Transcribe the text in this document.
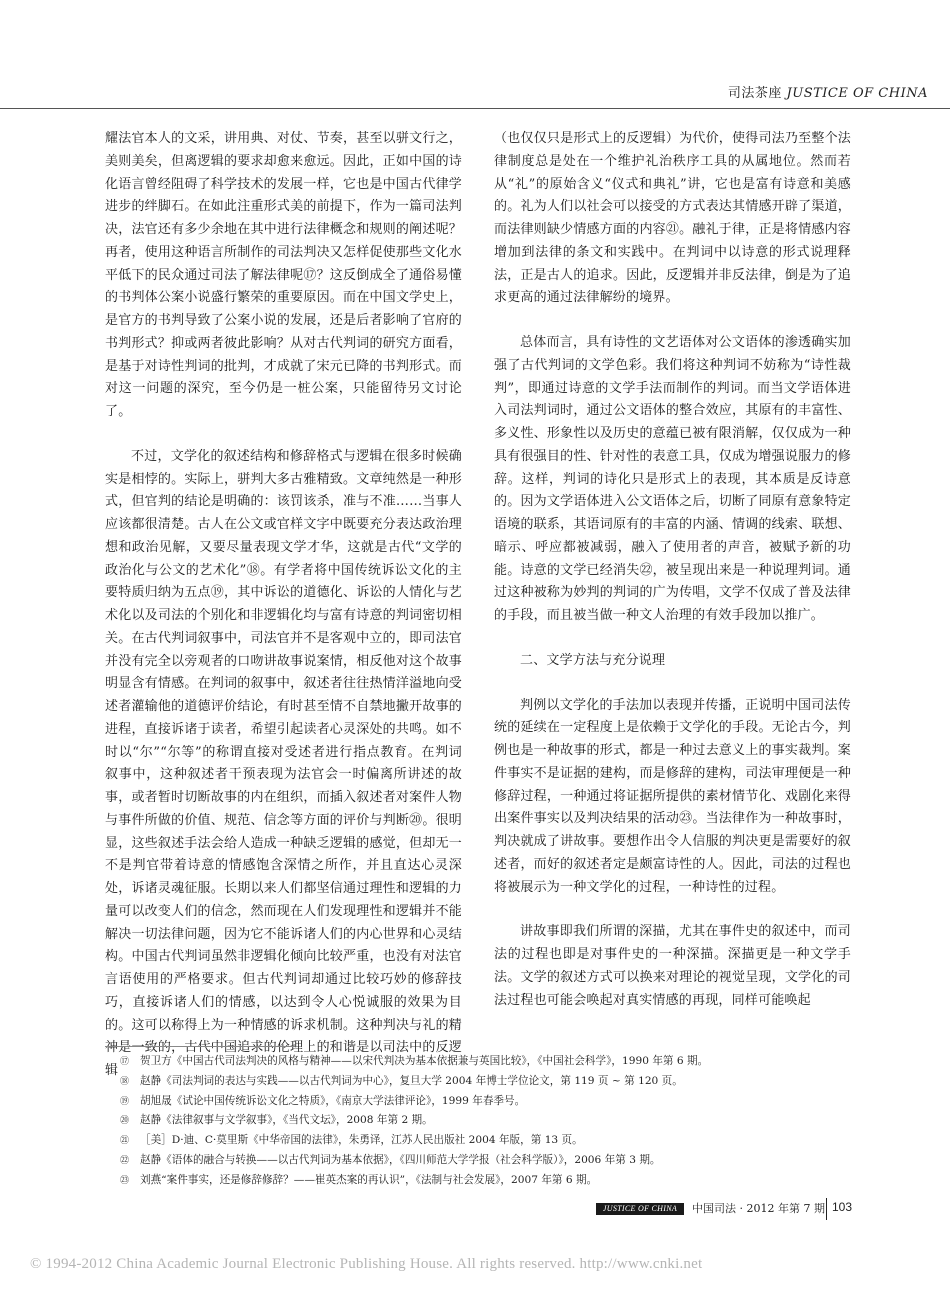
司法茶座 JUSTICE OF CHINA

耀法官本人的文采，讲用典、对仗、节奏，甚至以骈文行之，美则美矣，但离逻辑的要求却愈来愈远。因此，正如中国的诗化语言曾经阻碍了科学技术的发展一样，它也是中国古代律学进步的绊脚石。在如此注重形式美的前提下，作为一篇司法判决，法官还有多少余地在其中进行法律概念和规则的阐述呢？再者，使用这种语言所制作的司法判决又怎样促使那些文化水平低下的民众通过司法了解法律呢⑰？这反倒成全了通俗易懂的书判体公案小说盛行繁荣的重要原因。而在中国文学史上，是官方的书判导致了公案小说的发展，还是后者影响了官府的书判形式？抑或两者彼此影响？从对古代判词的研究方面看，是基于对诗性判词的批判，才成就了宋元已降的书判形式。而对这一问题的深究，至今仍是一桩公案，只能留待另文讨论了。

不过，文学化的叙述结构和修辞格式与逻辑在很多时候确实是相悖的。实际上，骈判大多古雅精致。文章纯然是一种形式，但官判的结论是明确的：该罚该杀，准与不准……当事人应该都很清楚。古人在公文或官样文字中既要充分表达政治理想和政治见解，又要尽量表现文学才华，这就是古代“文学的政治化与公文的艺术化”⑱。有学者将中国传统诉讼文化的主要特质归纳为五点⑲，其中诉讼的道德化、诉讼的人情化与艺术化以及司法的个别化和非逻辑化均与富有诗意的判词密切相关。在古代判词叙事中，司法官并不是客观中立的，即司法官并没有完全以旁观者的口吻讲故事说案情，相反他对这个故事明显含有情感。在判词的叙事中，叙述者往往热情洋溢地向受述者灌输他的道德评价结论，有时甚至情不自禁地撇开故事的进程，直接诉诸于读者，希望引起读者心灵深处的共鸣。如不时以“尔”“尔等”的称谓直接对受述者进行指点教育。在判词叙事中，这种叙述者干预表现为法官会一时偏离所讲述的故事，或者暂时切断故事的内在组织，而插入叙述者对案件人物与事件所做的价值、规范、信念等方面的评价与判断⑳。很明显，这些叙述手法会给人造成一种缺乏逻辑的感觉，但却无一不是判官带着诗意的情感饱含深情之所作，并且直达心灵深处，诉诸灵魂征服。长期以来人们都坚信通过理性和逻辑的力量可以改变人们的信念，然而现在人们发现理性和逻辑并不能解决一切法律问题，因为它不能诉诸人们的内心世界和心灵结构。中国古代判词虽然非逻辑化倾向比较严重，也没有对法官言语使用的严格要求。但古代判词却通过比较巧妙的修辞技巧，直接诉诸人们的情感，以达到令人心悦诚服的效果为目的。这可以称得上为一种情感的诉求机制。这种判决与礼的精神是一致的，古代中国追求的伦理上的和谐是以司法中的反逻辑

（也仅仅只是形式上的反逻辑）为代价，使得司法乃至整个法律制度总是处在一个维护礼治秩序工具的从属地位。然而若从“礼”的原始含义“仪式和典礼”讲，它也是富有诗意和美感的。礼为人们以社会可以接受的方式表达其情感开辟了渠道，而法律则缺少情感方面的内容㉑。融礼于律，正是将情感内容增加到法律的条文和实践中。在判词中以诗意的形式说理释法，正是古人的追求。因此，反逻辑并非反法律，倒是为了追求更高的通过法律解纷的境界。

总体而言，具有诗性的文艺语体对公文语体的渗透确实加强了古代判词的文学色彩。我们将这种判词不妨称为“诗性裁判”，即通过诗意的文学手法而制作的判词。而当文学语体进入司法判词时，通过公文语体的整合效应，其原有的丰富性、多义性、形象性以及历史的意蕴已被有限消解，仅仅成为一种具有很强目的性、针对性的表意工具，仅成为增强说服力的修辞。这样，判词的诗化只是形式上的表现，其本质是反诗意的。因为文学语体进入公文语体之后，切断了同原有意象特定语境的联系，其语词原有的丰富的内涵、情调的线索、联想、暗示、呼应都被减弱，融入了使用者的声音，被赋予新的功能。诗意的文学已经消失㉒，被呈现出来是一种说理判词。通过这种被称为妙判的判词的广为传唱，文学不仅成了普及法律的手段，而且被当做一种文人治理的有效手段加以推广。

二、文学方法与充分说理

判例以文学化的手法加以表现并传播，正说明中国司法传统的延续在一定程度上是依赖于文学化的手段。无论古今，判例也是一种故事的形式，都是一种过去意义上的事实裁判。案件事实不是证据的建构，而是修辞的建构，司法审理便是一种修辞过程，一种通过将证据所提供的素材情节化、戏剧化来得出案件事实以及判决结果的活动㉓。当法律作为一种故事时，判决就成了讲故事。要想作出令人信服的判决更是需要好的叙述者，而好的叙述者定是颇富诗性的人。因此，司法的过程也将被展示为一种文学化的过程，一种诗性的过程。

讲故事即我们所谓的深描，尤其在事件史的叙述中，而司法的过程也即是对事件史的一种深描。深描更是一种文学手法。文学的叙述方式可以换来对理论的视觉呈现，文学化的司法过程也可能会唤起对真实情感的再现，同样可能唤起

⑰ 贺卫方《中国古代司法判决的风格与精神——以宋代判决为基本依据兼与英国比较》，《中国社会科学》，1990 年第 6 期。
⑱ 赵静《司法判词的表达与实践——以古代判词为中心》，复旦大学 2004 年博士学位论文，第 119 页 ~ 第 120 页。
⑲ 胡旭晟《试论中国传统诉讼文化之特质》，《南京大学法律评论》，1999 年春季号。
⑳ 赵静《法律叙事与文学叙事》，《当代文坛》，2008 年第 2 期。
㉑ ［美］D·迪、C·莫里斯《中华帝国的法律》，朱勇译，江苏人民出版社 2004 年版，第 13 页。
㉒ 赵静《语体的融合与转换——以古代判词为基本依据》，《四川师范大学学报（社会科学版）》，2006 年第 3 期。
㉓ 刘燕“案件事实，还是修辞修辞？——崔英杰案的再认识”，《法制与社会发展》，2007 年第 6 期。
JUSTICE OF CHINA	中国司法 · 2012 年第 7 期 103
© 1994-2012 China Academic Journal Electronic Publishing House. All rights reserved. http://www.cnki.net
